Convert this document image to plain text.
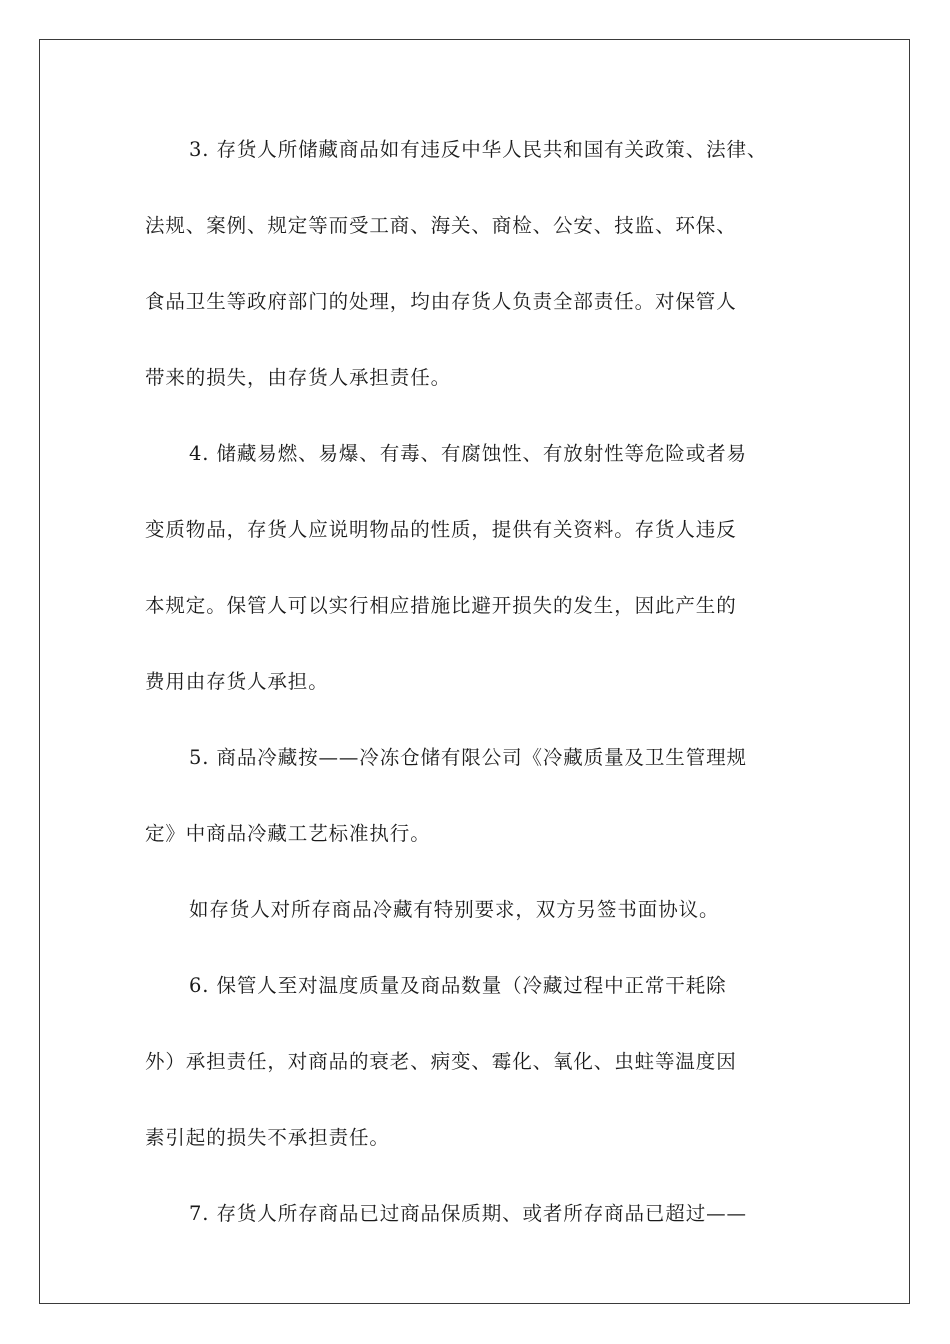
3. 存货人所储藏商品如有违反中华人民共和国有关政策、法律、
法规、案例、规定等而受工商、海关、商检、公安、技监、环保、
食品卫生等政府部门的处理，均由存货人负责全部责任。对保管人
带来的损失，由存货人承担责任。
4. 储藏易燃、易爆、有毒、有腐蚀性、有放射性等危险或者易
变质物品，存货人应说明物品的性质，提供有关资料。存货人违反
本规定。保管人可以实行相应措施比避开损失的发生，因此产生的
费用由存货人承担。
5. 商品冷藏按——冷冻仓储有限公司《冷藏质量及卫生管理规
定》中商品冷藏工艺标准执行。
如存货人对所存商品冷藏有特别要求，双方另签书面协议。
6. 保管人至对温度质量及商品数量（冷藏过程中正常干耗除
外）承担责任，对商品的衰老、病变、霉化、氧化、虫蛀等温度因
素引起的损失不承担责任。
7. 存货人所存商品已过商品保质期、或者所存商品已超过——
